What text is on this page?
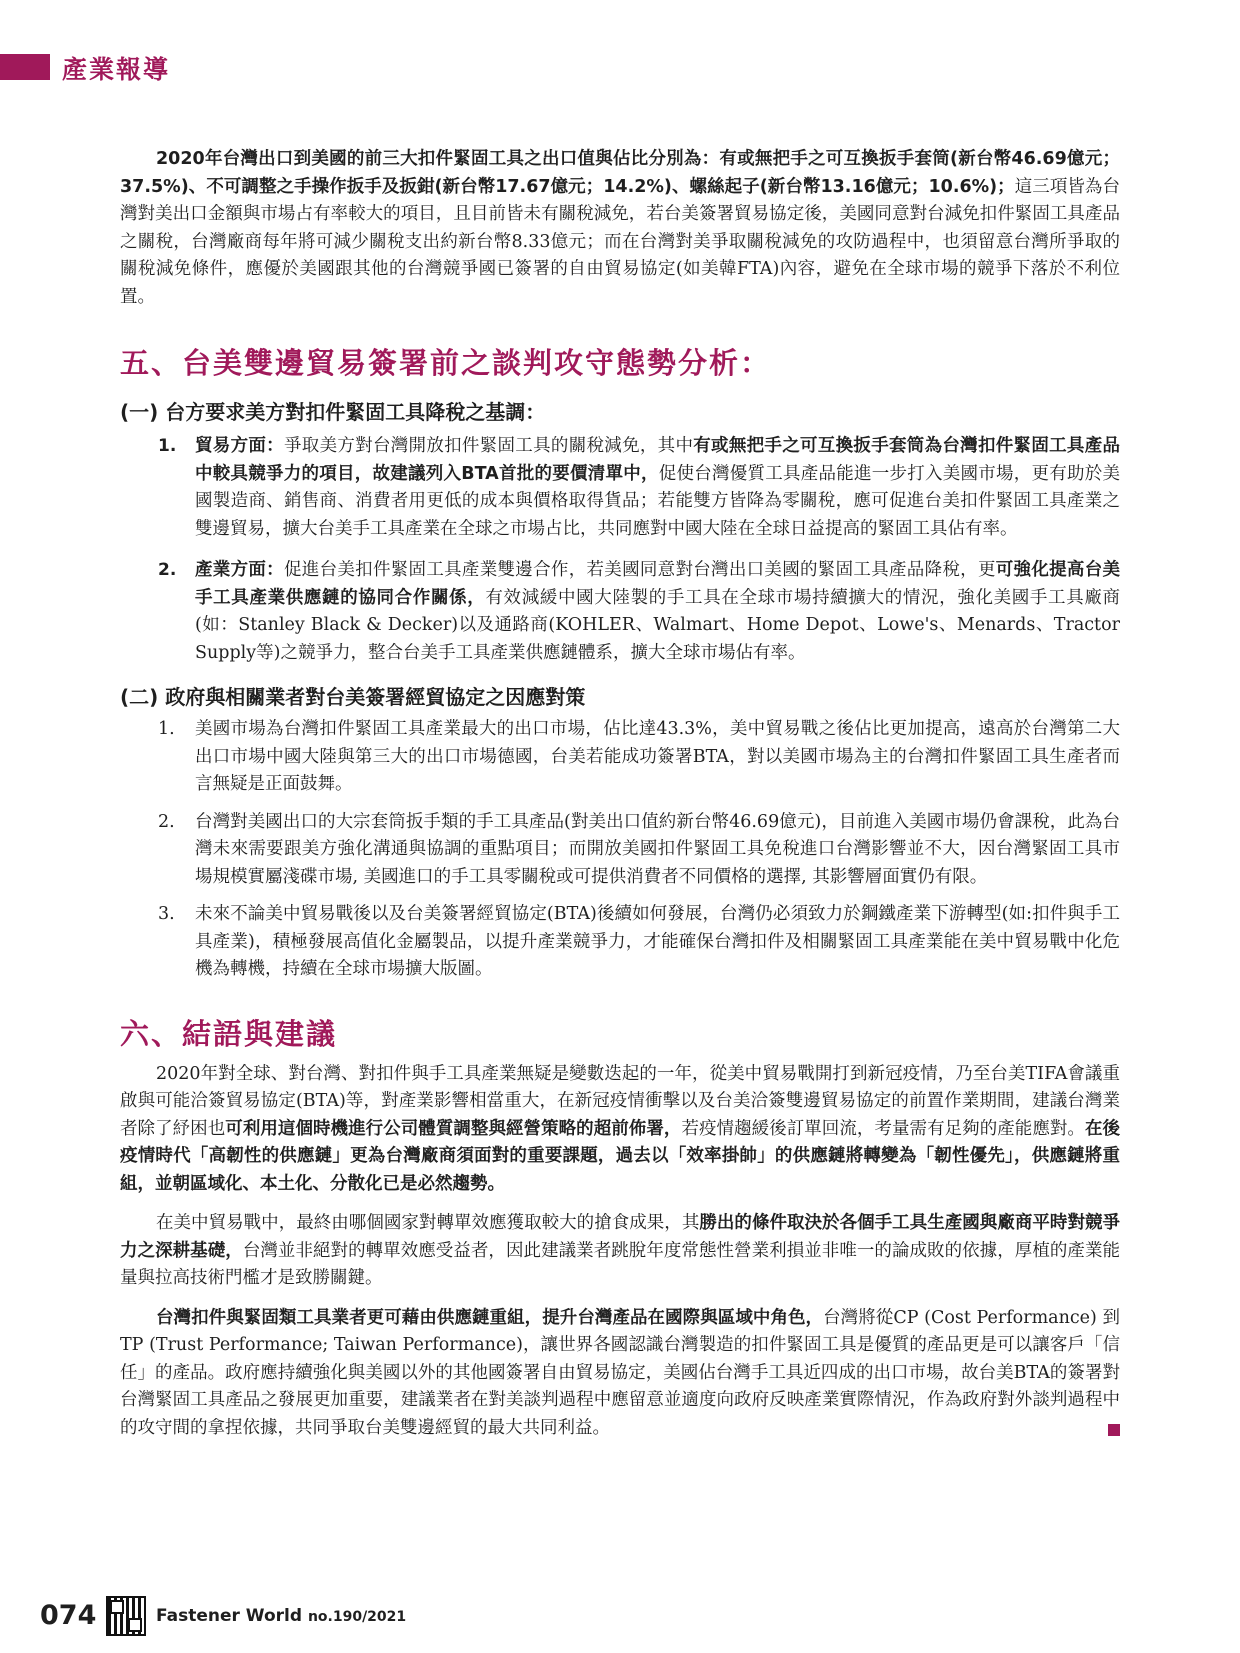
產業報導

2020年台灣出口到美國的前三大扣件緊固工具之出口值與佔比分別為：有或無把手之可互換扳手套筒(新台幣46.69億元；37.5%)、不可調整之手操作扳手及扳鉗(新台幣17.67億元；14.2%)、螺絲起子(新台幣13.16億元；10.6%)；這三項皆為台灣對美出口金額與市場占有率較大的項目，且目前皆未有關稅減免，若台美簽署貿易協定後，美國同意對台減免扣件緊固工具產品之關稅，台灣廠商每年將可減少關稅支出約新台幣8.33億元；而在台灣對美爭取關稅減免的攻防過程中，也須留意台灣所爭取的關稅減免條件，應優於美國跟其他的台灣競爭國已簽署的自由貿易協定(如美韓FTA)內容，避免在全球市場的競爭下落於不利位置。

五、台美雙邊貿易簽署前之談判攻守態勢分析：
(一) 台方要求美方對扣件緊固工具降稅之基調：
1. 貿易方面：爭取美方對台灣開放扣件緊固工具的關稅減免，其中有或無把手之可互換扳手套筒為台灣扣件緊固工具產品中較具競爭力的項目，故建議列入BTA首批的要價清單中，促使台灣優質工具產品能進一步打入美國市場，更有助於美國製造商、銷售商、消費者用更低的成本與價格取得貨品；若能雙方皆降為零關稅，應可促進台美扣件緊固工具產業之雙邊貿易，擴大台美手工具產業在全球之市場占比，共同應對中國大陸在全球日益提高的緊固工具佔有率。

2. 產業方面：促進台美扣件緊固工具產業雙邊合作，若美國同意對台灣出口美國的緊固工具產品降稅，更可強化提高台美手工具產業供應鏈的協同合作關係，有效減緩中國大陸製的手工具在全球市場持續擴大的情況，強化美國手工具廠商(如：Stanley Black & Decker)以及通路商(KOHLER、Walmart、Home Depot、Lowe's、Menards、Tractor Supply等)之競爭力，整合台美手工具產業供應鏈體系，擴大全球市場佔有率。

(二) 政府與相關業者對台美簽署經貿協定之因應對策
1. 美國市場為台灣扣件緊固工具產業最大的出口市場，佔比達43.3%，美中貿易戰之後佔比更加提高，遠高於台灣第二大出口市場中國大陸與第三大的出口市場德國，台美若能成功簽署BTA，對以美國市場為主的台灣扣件緊固工具生產者而言無疑是正面鼓舞。

2. 台灣對美國出口的大宗套筒扳手類的手工具產品(對美出口值約新台幣46.69億元)，目前進入美國市場仍會課稅，此為台灣未來需要跟美方強化溝通與協調的重點項目；而開放美國扣件緊固工具免稅進口台灣影響並不大，因台灣緊固工具市場規模實屬淺碟市場, 美國進口的手工具零關稅或可提供消費者不同價格的選擇, 其影響層面實仍有限。

3. 未來不論美中貿易戰後以及台美簽署經貿協定(BTA)後續如何發展，台灣仍必須致力於鋼鐵產業下游轉型(如:扣件與手工具產業)，積極發展高值化金屬製品，以提升產業競爭力，才能確保台灣扣件及相關緊固工具產業能在美中貿易戰中化危機為轉機，持續在全球市場擴大版圖。

六、結語與建議

2020年對全球、對台灣、對扣件與手工具產業無疑是變數迭起的一年，從美中貿易戰開打到新冠疫情，乃至台美TIFA會議重啟與可能洽簽貿易協定(BTA)等，對產業影響相當重大，在新冠疫情衝擊以及台美洽簽雙邊貿易協定的前置作業期間，建議台灣業者除了紓困也可利用這個時機進行公司體質調整與經營策略的超前佈署，若疫情趨緩後訂單回流，考量需有足夠的產能應對。在後疫情時代「高韌性的供應鏈」更為台灣廠商須面對的重要課題，過去以「效率掛帥」的供應鏈將轉變為「韌性優先」，供應鏈將重組，並朝區域化、本土化、分散化已是必然趨勢。

在美中貿易戰中，最終由哪個國家對轉單效應獲取較大的搶食成果，其勝出的條件取決於各個手工具生產國與廠商平時對競爭力之深耕基礎，台灣並非絕對的轉單效應受益者，因此建議業者跳脫年度常態性營業利損並非唯一的論成敗的依據，厚植的產業能量與拉高技術門檻才是致勝關鍵。

台灣扣件與緊固類工具業者更可藉由供應鏈重組，提升台灣產品在國際與區域中角色，台灣將從CP (Cost Performance) 到TP (Trust Performance; Taiwan Performance)，讓世界各國認識台灣製造的扣件緊固工具是優質的產品更是可以讓客戶「信任」的產品。政府應持續強化與美國以外的其他國簽署自由貿易協定，美國佔台灣手工具近四成的出口市場，故台美BTA的簽署對台灣緊固工具產品之發展更加重要，建議業者在對美談判過程中應留意並適度向政府反映產業實際情況，作為政府對外談判過程中的攻守間的拿捏依據，共同爭取台美雙邊經貿的最大共同利益。

074	Fastener World no.190/2021
